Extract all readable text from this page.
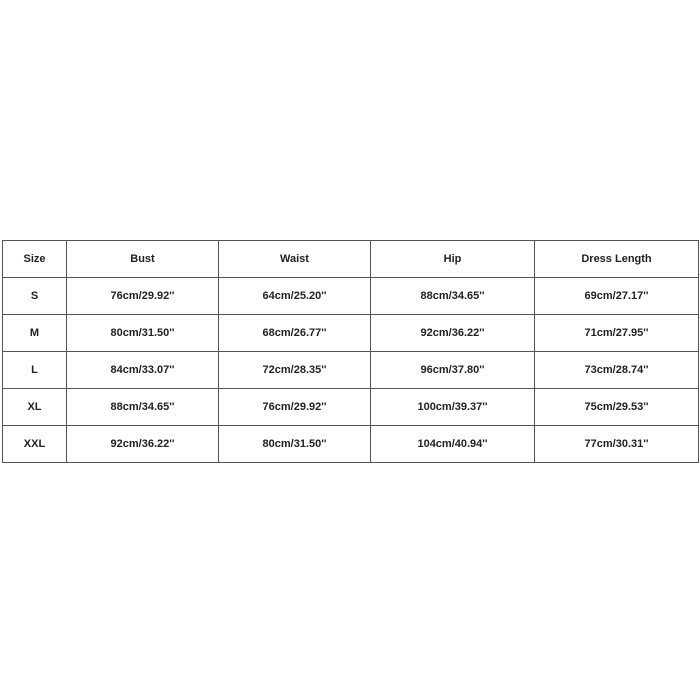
Size	Bust	Waist	Hip	Dress Length
S	76cm/29.92''	64cm/25.20''	88cm/34.65''	69cm/27.17''
M	80cm/31.50''	68cm/26.77''	92cm/36.22''	71cm/27.95''
L	84cm/33.07''	72cm/28.35''	96cm/37.80''	73cm/28.74''
XL	88cm/34.65''	76cm/29.92''	100cm/39.37''	75cm/29.53''
XXL	92cm/36.22''	80cm/31.50''	104cm/40.94''	77cm/30.31''
